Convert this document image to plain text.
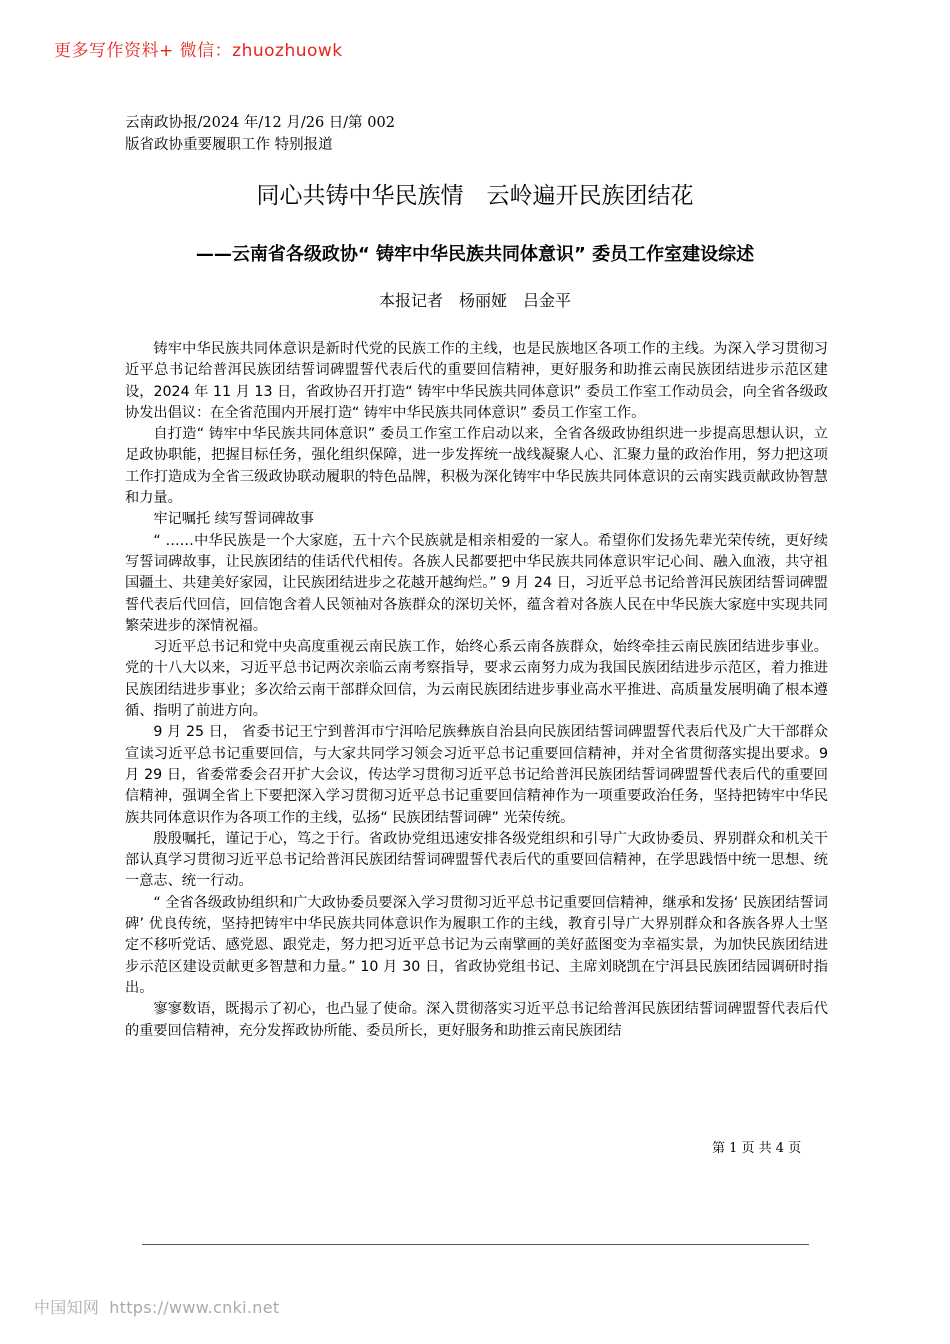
更多写作资料+ 微信：zhuozhuowk
云南政协报/2024 年/12 月/26 日/第 002
版省政协重要履职工作 特别报道
同心共铸中华民族情　云岭遍开民族团结花
——云南省各级政协“ 铸牢中华民族共同体意识” 委员工作室建设综述
本报记者　杨丽娅　吕金平

铸牢中华民族共同体意识是新时代党的民族工作的主线，也是民族地区各项工作的主线。为深入学习贯彻习近平总书记给普洱民族团结誓词碑盟誓代表后代的重要回信精神，更好服务和助推云南民族团结进步示范区建设，2024 年 11 月 13 日，省政协召开打造“ 铸牢中华民族共同体意识” 委员工作室工作动员会，向全省各级政协发出倡议：在全省范围内开展打造“ 铸牢中华民族共同体意识” 委员工作室工作。

自打造“ 铸牢中华民族共同体意识” 委员工作室工作启动以来，全省各级政协组织进一步提高思想认识，立足政协职能，把握目标任务，强化组织保障，进一步发挥统一战线凝聚人心、汇聚力量的政治作用，努力把这项工作打造成为全省三级政协联动履职的特色品牌，积极为深化铸牢中华民族共同体意识的云南实践贡献政协智慧和力量。

牢记嘱托 续写誓词碑故事

“ ……中华民族是一个大家庭，五十六个民族就是相亲相爱的一家人。希望你们发扬先辈光荣传统，更好续写誓词碑故事，让民族团结的佳话代代相传。各族人民都要把中华民族共同体意识牢记心间、融入血液，共守祖国疆土、共建美好家园，让民族团结进步之花越开越绚烂。” 9 月 24 日，习近平总书记给普洱民族团结誓词碑盟誓代表后代回信，回信饱含着人民领袖对各族群众的深切关怀，蕴含着对各族人民在中华民族大家庭中实现共同繁荣进步的深情祝福。

习近平总书记和党中央高度重视云南民族工作，始终心系云南各族群众，始终牵挂云南民族团结进步事业。党的十八大以来，习近平总书记两次亲临云南考察指导，要求云南努力成为我国民族团结进步示范区，着力推进民族团结进步事业；多次给云南干部群众回信，为云南民族团结进步事业高水平推进、高质量发展明确了根本遵循、指明了前进方向。

9 月 25 日， 省委书记王宁到普洱市宁洱哈尼族彝族自治县向民族团结誓词碑盟誓代表后代及广大干部群众宣读习近平总书记重要回信，与大家共同学习领会习近平总书记重要回信精神，并对全省贯彻落实提出要求。9 月 29 日，省委常委会召开扩大会议，传达学习贯彻习近平总书记给普洱民族团结誓词碑盟誓代表后代的重要回信精神，强调全省上下要把深入学习贯彻习近平总书记重要回信精神作为一项重要政治任务，坚持把铸牢中华民族共同体意识作为各项工作的主线，弘扬“ 民族团结誓词碑” 光荣传统。

殷殷嘱托，谨记于心，笃之于行。省政协党组迅速安排各级党组织和引导广大政协委员、界别群众和机关干部认真学习贯彻习近平总书记给普洱民族团结誓词碑盟誓代表后代的重要回信精神，在学思践悟中统一思想、统一意志、统一行动。

“ 全省各级政协组织和广大政协委员要深入学习贯彻习近平总书记重要回信精神，继承和发扬‘ 民族团结誓词碑’ 优良传统，坚持把铸牢中华民族共同体意识作为履职工作的主线，教育引导广大界别群众和各族各界人士坚定不移听党话、感党恩、跟党走，努力把习近平总书记为云南擘画的美好蓝图变为幸福实景，为加快民族团结进步示范区建设贡献更多智慧和力量。” 10 月 30 日，省政协党组书记、主席刘晓凯在宁洱县民族团结园调研时指出。

寥寥数语，既揭示了初心，也凸显了使命。深入贯彻落实习近平总书记给普洱民族团结誓词碑盟誓代表后代的重要回信精神，充分发挥政协所能、委员所长，更好服务和助推云南民族团结

第 1 页 共 4 页
中国知网 https://www.cnki.net
